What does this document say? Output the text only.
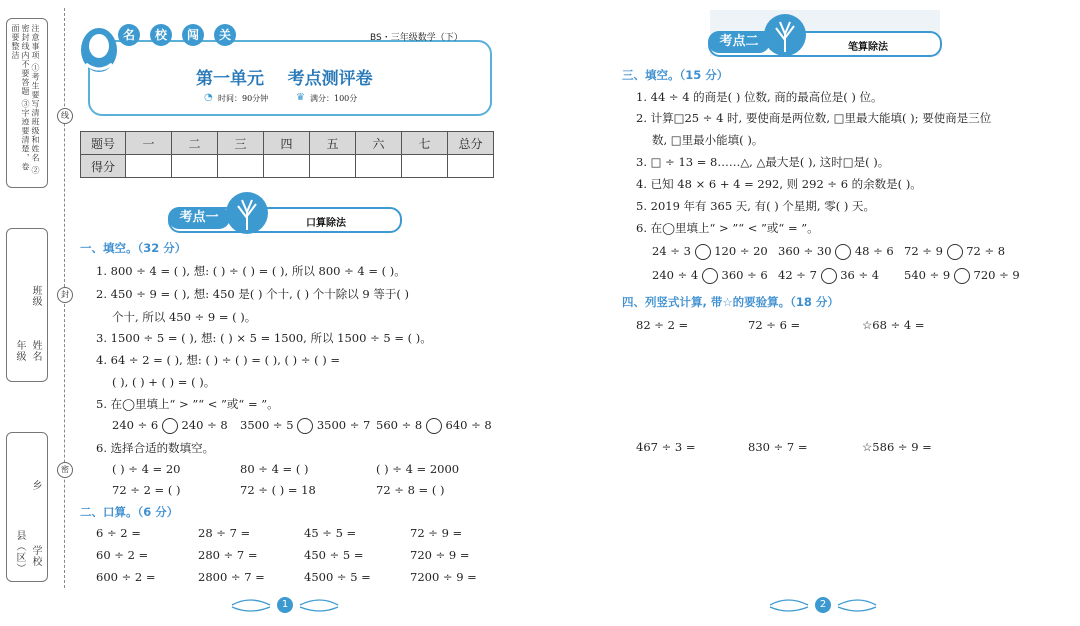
注意事项 ①考生要写清班级和姓名 ②密封线内不要答题 ③字迹要清楚，卷面要整洁
线
班级
年级 姓名
封
乡
县（区） 学校
密
名	校	闯	关	BS・三年级数学（下）
第一单元    考点测评卷
◔ 时间：90分钟	♛ 满分：100分
题号	一	二	三	四	五	六	七	总分
得分								
考点一	口算除法
一、填空。（32 分）
1. 800 ÷ 4 = ( ), 想: ( ) ÷ ( ) = ( ), 所以 800 ÷ 4 = ( )。
2. 450 ÷ 9 = ( ), 想: 450 是( ) 个十, ( ) 个十除以 9 等于( )
个十, 所以 450 ÷ 9 = ( )。
3. 1500 ÷ 5 = ( ), 想: ( ) × 5 = 1500, 所以 1500 ÷ 5 = ( )。
4. 64 ÷ 2 = ( ), 想: ( ) ÷ ( ) = ( ), ( ) ÷ ( ) =
( ), ( ) + ( ) = ( )。
5. 在◯里填上“ > ”“ < ”或“ = ”。
240 ÷ 6 240 ÷ 8 3500 ÷ 5 3500 ÷ 7 560 ÷ 8 640 ÷ 8
6. 选择合适的数填空。
( ) ÷ 4 = 20	80 ÷ 4 = ( )	( ) ÷ 4 = 2000
72 ÷ 2 = ( )	72 ÷ ( ) = 18	72 ÷ 8 = ( )
二、口算。（6 分）
6 ÷ 2 =	28 ÷ 7 =	45 ÷ 5 =	72 ÷ 9 =
60 ÷ 2 =	280 ÷ 7 =	450 ÷ 5 =	720 ÷ 9 =
600 ÷ 2 =	2800 ÷ 7 =	4500 ÷ 5 =	7200 ÷ 9 =
1
考点二	笔算除法
三、填空。（15 分）
1. 44 ÷ 4 的商是( ) 位数, 商的最高位是( ) 位。
2. 计算□25 ÷ 4 时, 要使商是两位数, □里最大能填( ); 要使商是三位
数, □里最小能填( )。
3. □ ÷ 13 = 8……△, △最大是( ), 这时□是( )。
4. 已知 48 × 6 + 4 = 292, 则 292 ÷ 6 的余数是( )。
5. 2019 年有 365 天, 有( ) 个星期, 零( ) 天。
6. 在◯里填上“ > ”“ < ”或“ = ”。
24 ÷ 3 120 ÷ 20 360 ÷ 30 48 ÷ 6 72 ÷ 9 72 ÷ 8
240 ÷ 4 360 ÷ 6 42 ÷ 7 36 ÷ 4 540 ÷ 9 720 ÷ 9
四、列竖式计算, 带☆的要验算。（18 分）
82 ÷ 2 =	72 ÷ 6 =	☆68 ÷ 4 =
467 ÷ 3 =	830 ÷ 7 =	☆586 ÷ 9 =
2
